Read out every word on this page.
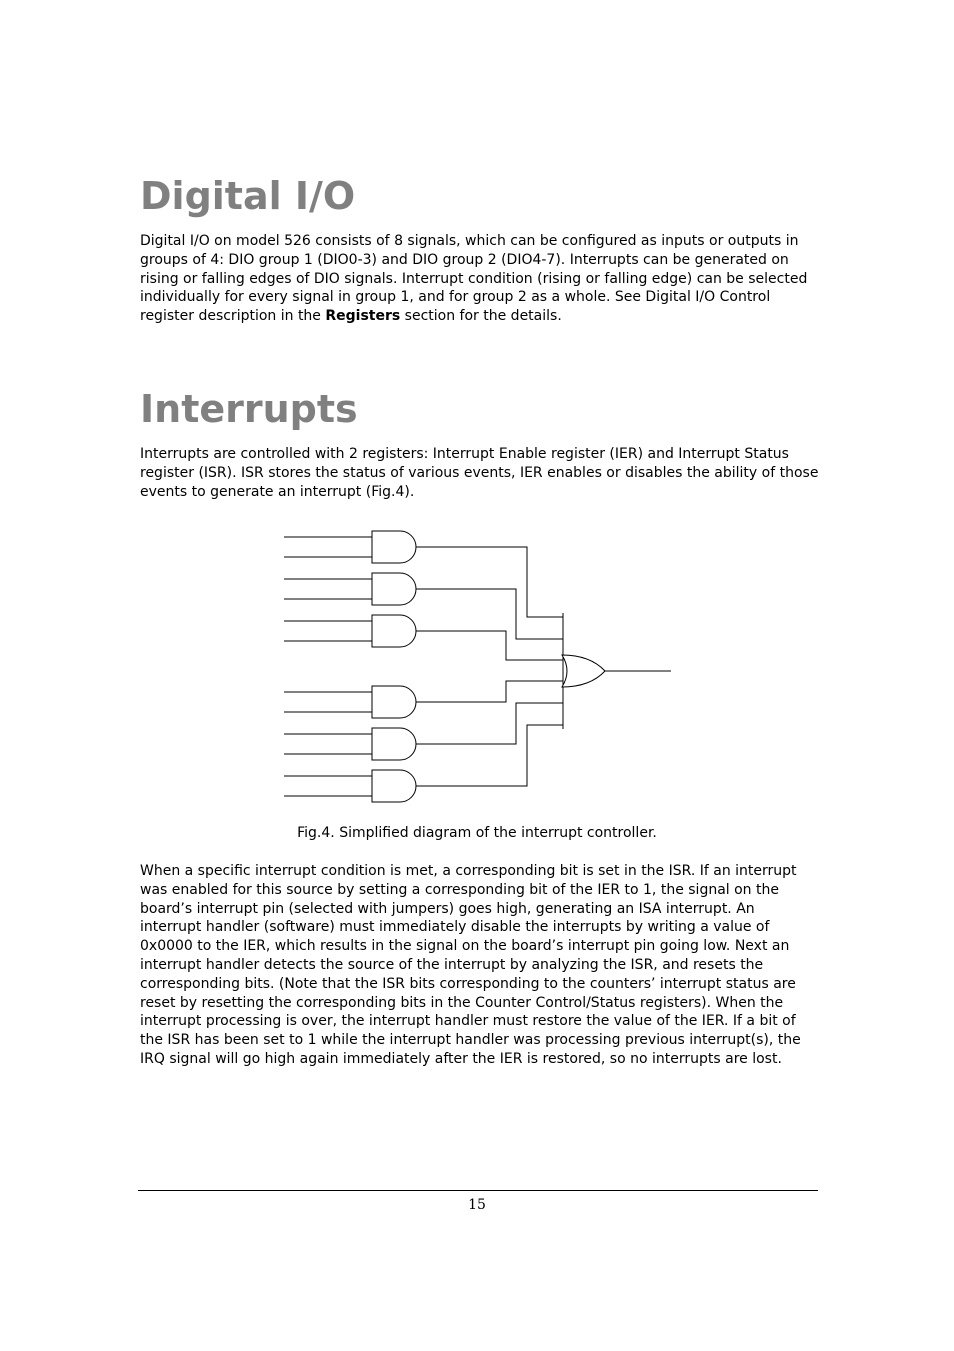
Digital I/O

Digital I/O on model 526 consists of 8 signals, which can be configured as inputs or outputs in groups of 4: DIO group 1 (DIO0-3) and DIO group 2 (DIO4-7). Interrupts can be generated on rising or falling edges of DIO signals. Interrupt condition (rising or falling edge) can be selected individually for every signal in group 1, and for group 2 as a whole. See Digital I/O Control register description in the Registers section for the details.

Interrupts

Interrupts are controlled with 2 registers: Interrupt Enable register (IER) and Interrupt Status register (ISR). ISR stores the status of various events, IER enables or disables the ability of those events to generate an interrupt (Fig.4).

Fig.4. Simplified diagram of the interrupt controller.

When a specific interrupt condition is met, a corresponding bit is set in the ISR. If an interrupt was enabled for this source by setting a corresponding bit of the IER to 1, the signal on the board’s interrupt pin (selected with jumpers) goes high, generating an ISA interrupt. An interrupt handler (software) must immediately disable the interrupts by writing a value of 0x0000 to the IER, which results in the signal on the board’s interrupt pin going low. Next an interrupt handler detects the source of the interrupt by analyzing the ISR, and resets the corresponding bits. (Note that the ISR bits corresponding to the counters’ interrupt status are reset by resetting the corresponding bits in the Counter Control/Status registers). When the interrupt processing is over, the interrupt handler must restore the value of the IER. If a bit of the ISR has been set to 1 while the interrupt handler was processing previous interrupt(s), the IRQ signal will go high again immediately after the IER is restored, so no interrupts are lost.

15
